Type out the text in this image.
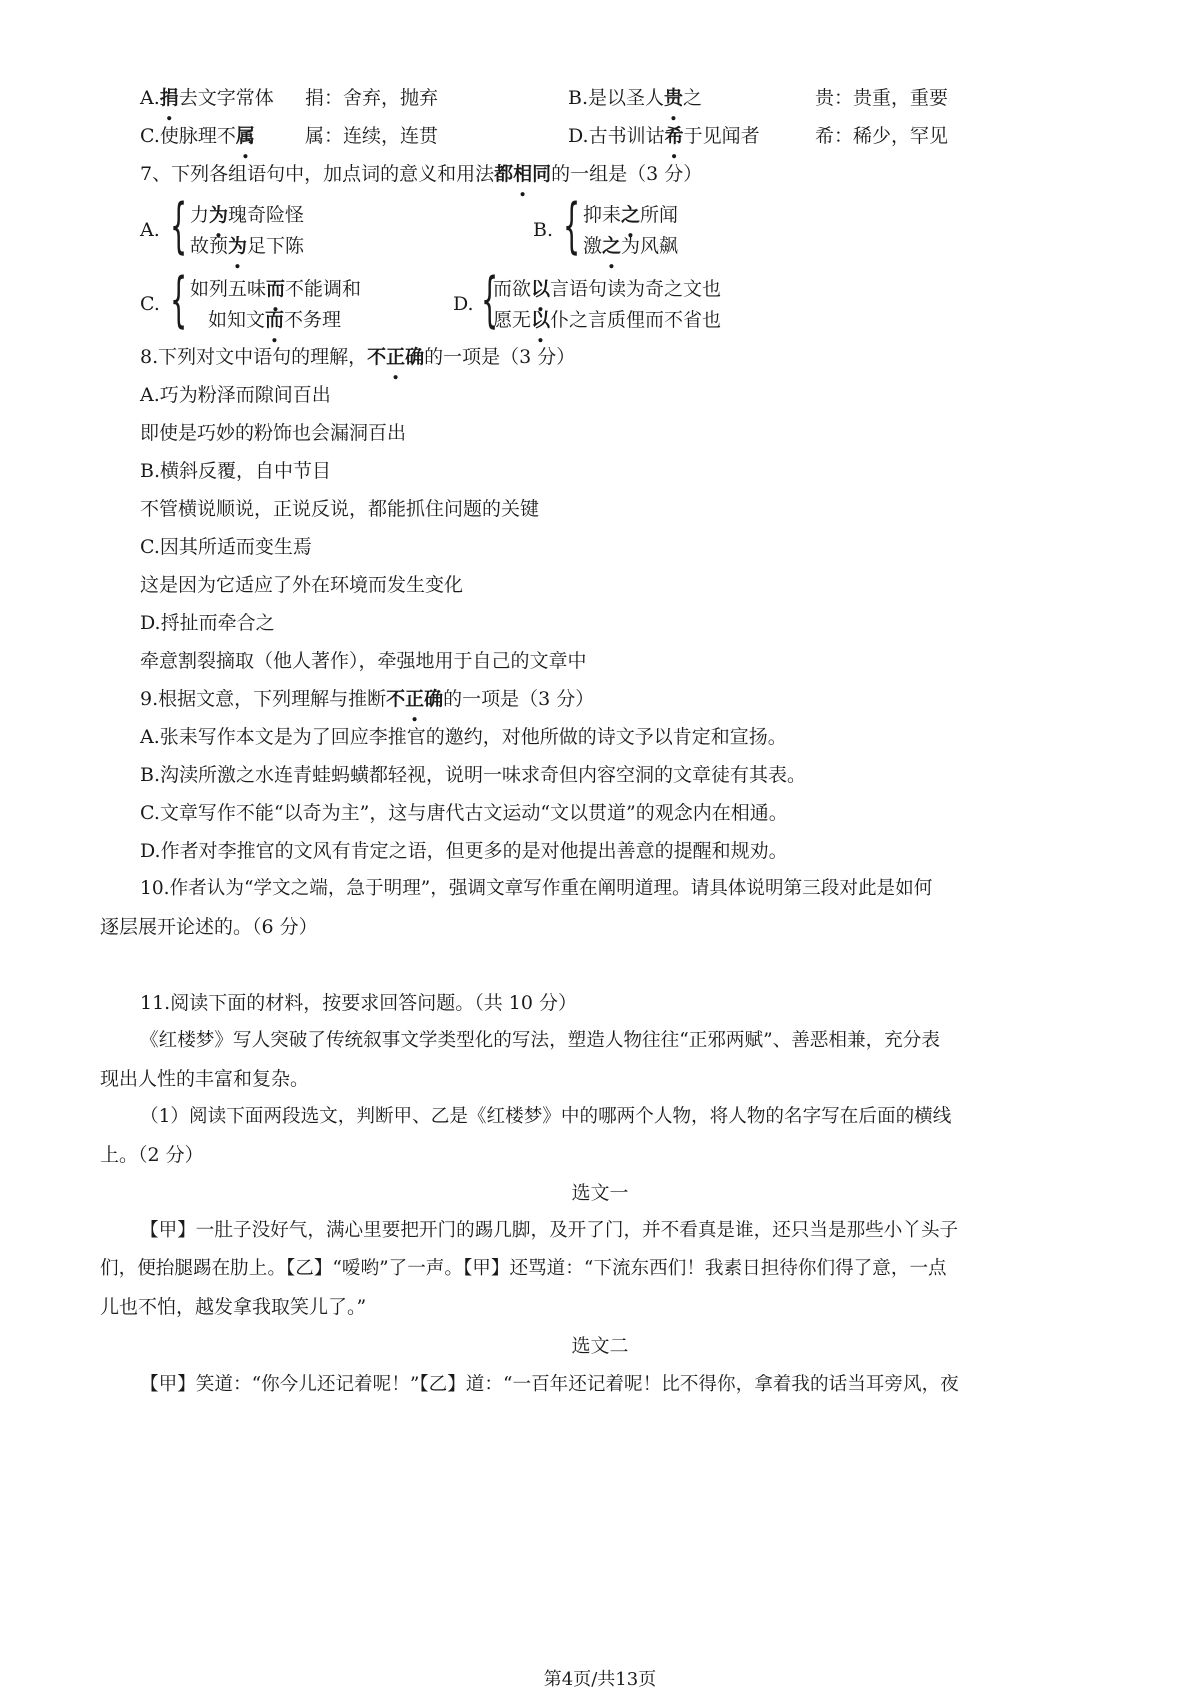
A.捐去文字常体 捐：舍弃，抛弃	B.是以圣人贵之	贵：贵重，重要
C.使脉理不属	属：连续，连贯	D.古书训诂希于见闻者	希：稀少，罕见
7、下列各组语句中，加点词的意义和用法都相同的一组是（3 分）
A. { 力为瑰奇险怪
故预为足下陈
B. { 抑耒之所闻
激之为风飙
C. { 如列五味而不能调和
如知文而不务理
D. {
而欲以言语句读为奇之文也
愿无以仆之言质俚而不省也
8.下列对文中语句的理解，不正确的一项是（3 分）
A.巧为粉泽而隙间百出
即使是巧妙的粉饰也会漏洞百出
B.横斜反覆，自中节目
不管横说顺说，正说反说，都能抓住问题的关键
C.因其所适而变生焉
这是因为它适应了外在环境而发生变化
D.捋扯而牵合之
牵意割裂摘取（他人著作），牵强地用于自己的文章中
9.根据文意，下列理解与推断不正确的一项是（3 分）
A.张耒写作本文是为了回应李推官的邀约，对他所做的诗文予以肯定和宣扬。
B.沟渎所激之水连青蛙蚂蟥都轻视，说明一味求奇但内容空洞的文章徒有其表。
C.文章写作不能“以奇为主”，这与唐代古文运动“文以贯道”的观念内在相通。
D.作者对李推官的文风有肯定之语，但更多的是对他提出善意的提醒和规劝。
10.作者认为“学文之端，急于明理”，强调文章写作重在阐明道理。请具体说明第三段对此是如何
逐层展开论述的。（6 分）
11.阅读下面的材料，按要求回答问题。（共 10 分）
《红楼梦》写人突破了传统叙事文学类型化的写法，塑造人物往往“正邪两赋”、善恶相兼，充分表
现出人性的丰富和复杂。
（1）阅读下面两段选文，判断甲、乙是《红楼梦》中的哪两个人物，将人物的名字写在后面的横线
上。（2 分）
选文一
【甲】一肚子没好气，满心里要把开门的踢几脚，及开了门，并不看真是谁，还只当是那些小丫头子
们，便抬腿踢在肋上。【乙】“嗳哟”了一声。【甲】还骂道：“下流东西们！我素日担待你们得了意，一点
儿也不怕，越发拿我取笑儿了。”
选文二
【甲】笑道：“你今儿还记着呢！”【乙】道：“一百年还记着呢！比不得你，拿着我的话当耳旁风，夜
第4页/共13页
